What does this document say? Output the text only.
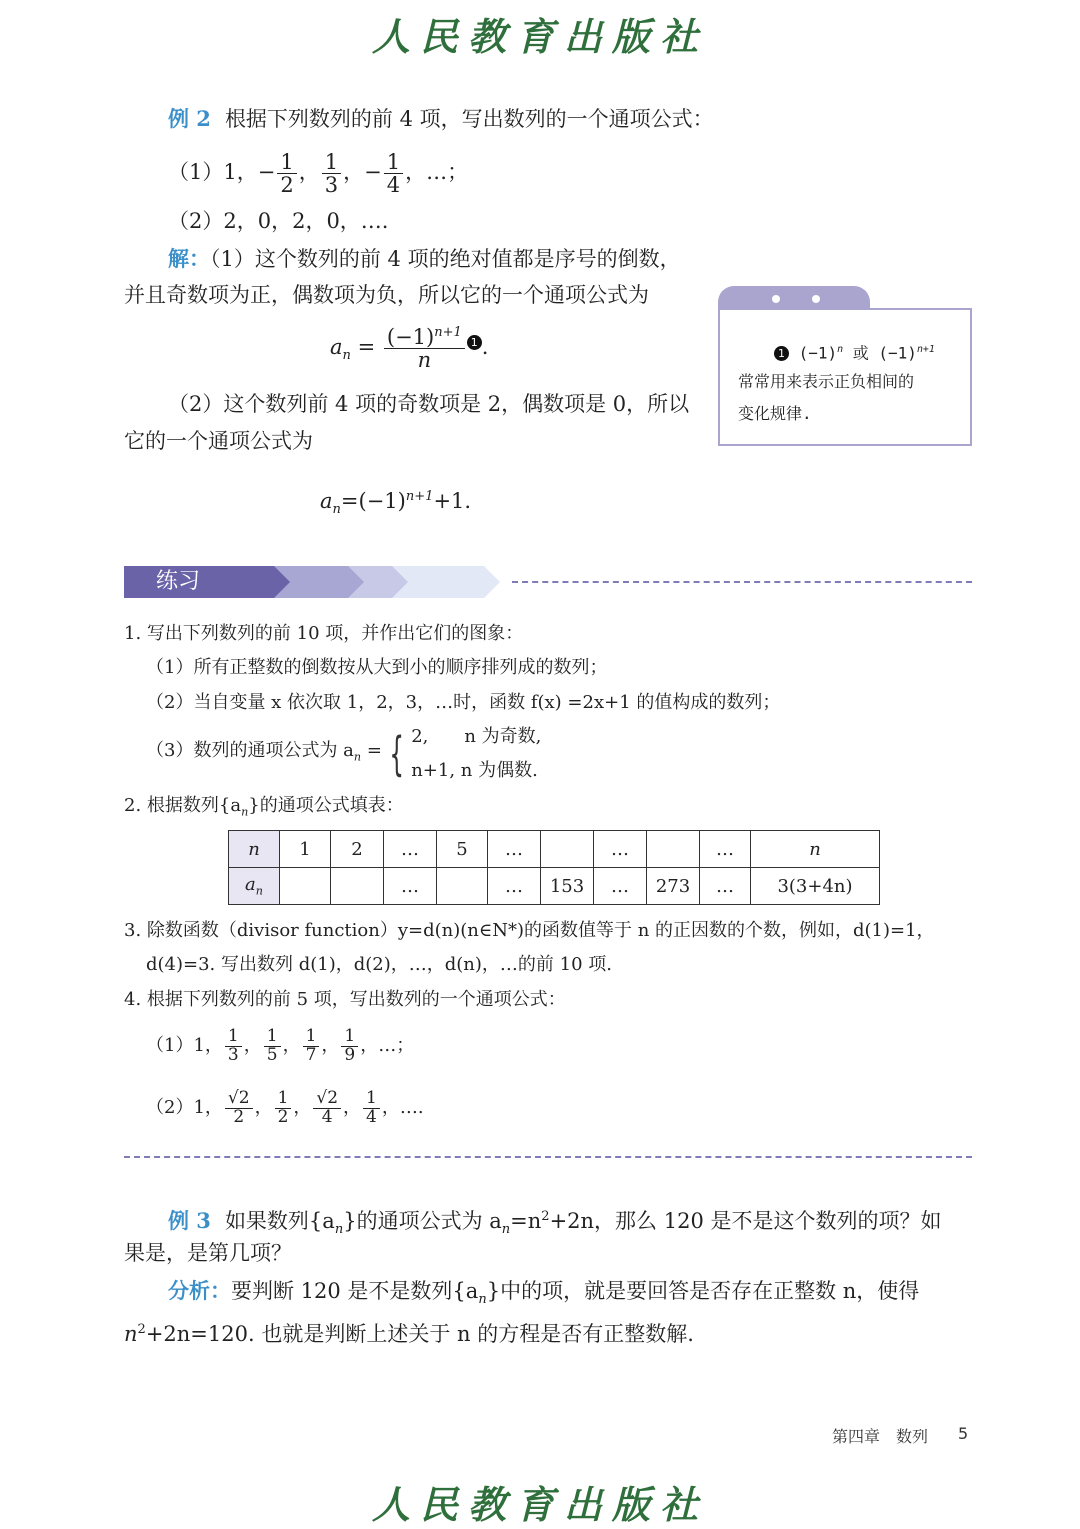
人民教育出版社
例 2 根据下列数列的前 4 项，写出数列的一个通项公式：
（1）1，− $\frac{1}{2}$ ， $\frac{1}{3}$ ，− $\frac{1}{4}$ ，…；
（2）2，0，2，0，….
解：（1）这个数列的前 4 项的绝对值都是序号的倒数，
并且奇数项为正，偶数项为负，所以它的一个通项公式为
$a_n = \frac{(-1)^{n+1}}{n} 1$ .
（2）这个数列前 4 项的奇数项是 2，偶数项是 0，所以
它的一个通项公式为
$a_n=(-1)^{n+1}+1$.
1 $(-1)^n$ 或 $(-1)^{n+1}$
常常用来表示正负相间的
变化规律.
练习
1. 写出下列数列的前 10 项，并作出它们的图象：
（1）所有正整数的倒数按从大到小的顺序排列成的数列；
（2）当自变量 x 依次取 1，2，3，…时，函数 f(x) =2x+1 的值构成的数列；
（3）数列的通项公式为 $a_n$ = { 2,　　n 为奇数,
n+1, n 为偶数.
2. 根据数列$\{a_n\}$的通项公式填表：
n	1	2	…	5	…		…		…	n
$a_n$			…		…	153	…	273	…	3(3+4n)
3. 除数函数（divisor function）y=d(n)(n∈N*)的函数值等于 n 的正因数的个数，例如，d(1)=1，
d(4)=3. 写出数列 d(1)，d(2)，…，d(n)，…的前 10 项.
4. 根据下列数列的前 5 项，写出数列的一个通项公式：
（1）1， $\frac{1}{3}$ ， $\frac{1}{5}$ ， $\frac{1}{7}$ ， $\frac{1}{9}$ ，…；
（2）1， $\frac{√2}{2}$ ， $\frac{1}{2}$ ， $\frac{√2}{4}$ ， $\frac{1}{4}$ ，….
例 3 如果数列$\{a_n\}$的通项公式为 $a_n=n^2+2n$，那么 120 是不是这个数列的项？如
果是，是第几项？
分析：要判断 120 是不是数列$\{a_n\}$中的项，就是要回答是否存在正整数 n，使得
$n^2+2n=120$. 也就是判断上述关于 n 的方程是否有正整数解.
第四章　数列 5
人民教育出版社
